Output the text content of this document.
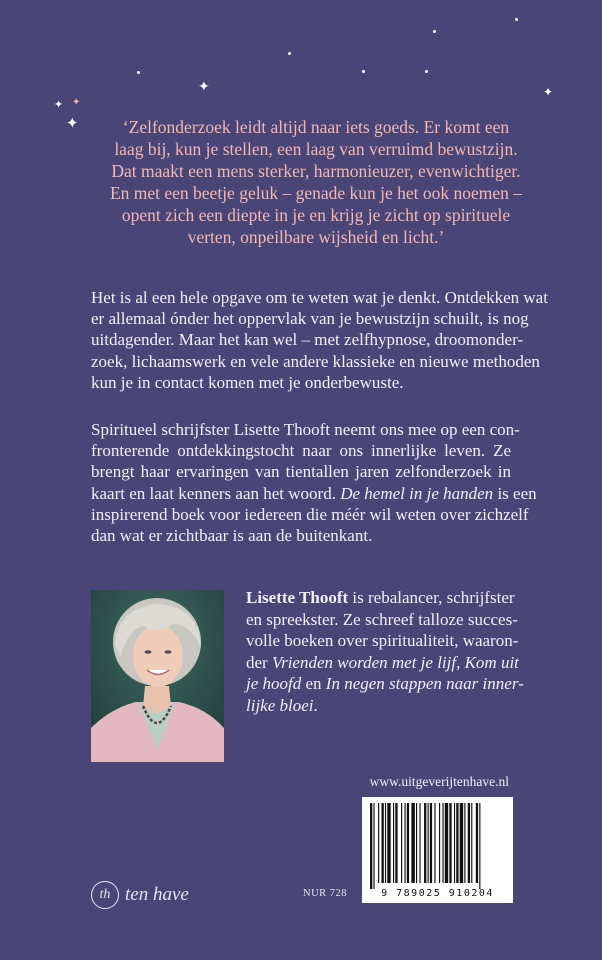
✦ ✦
✦
✦	✦
‘Zelfonderzoek leidt altijd naar iets goeds. Er komt een
laag bij, kun je stellen, een laag van verruimd bewustzijn.
Dat maakt een mens sterker, harmonieuzer, evenwichtiger.
En met een beetje geluk – genade kun je het ook noemen –
opent zich een diepte in je en krijg je zicht op spirituele
verten, onpeilbare wijsheid en licht.’
Het is al een hele opgave om te weten wat je denkt. Ontdekken wat
er allemaal ónder het oppervlak van je bewustzijn schuilt, is nog
uitdagender. Maar het kan wel – met zelfhypnose, droomonder-
zoek, lichaamswerk en vele andere klassieke en nieuwe methoden
kun je in contact komen met je onderbewuste.
Spiritueel schrijfster Lisette Thooft neemt ons mee op een con-
fronterende ontdekkingstocht naar ons innerlijke leven. Ze
brengt haar ervaringen van tientallen jaren zelfonderzoek in
kaart en laat kenners aan het woord. De hemel in je handen is een
inspirerend boek voor iedereen die méér wil weten over zichzelf
dan wat er zichtbaar is aan de buitenkant.
Lisette Thooft is rebalancer, schrijfster
en spreekster. Ze schreef talloze succes-
volle boeken over spiritualiteit, waaron-
der Vrienden worden met je lijf, Kom uit
je hoofd en In negen stappen naar inner-
lijke bloei.
www.uitgeverijtenhave.nl
9 789025 910204
NUR 728
th ten have
